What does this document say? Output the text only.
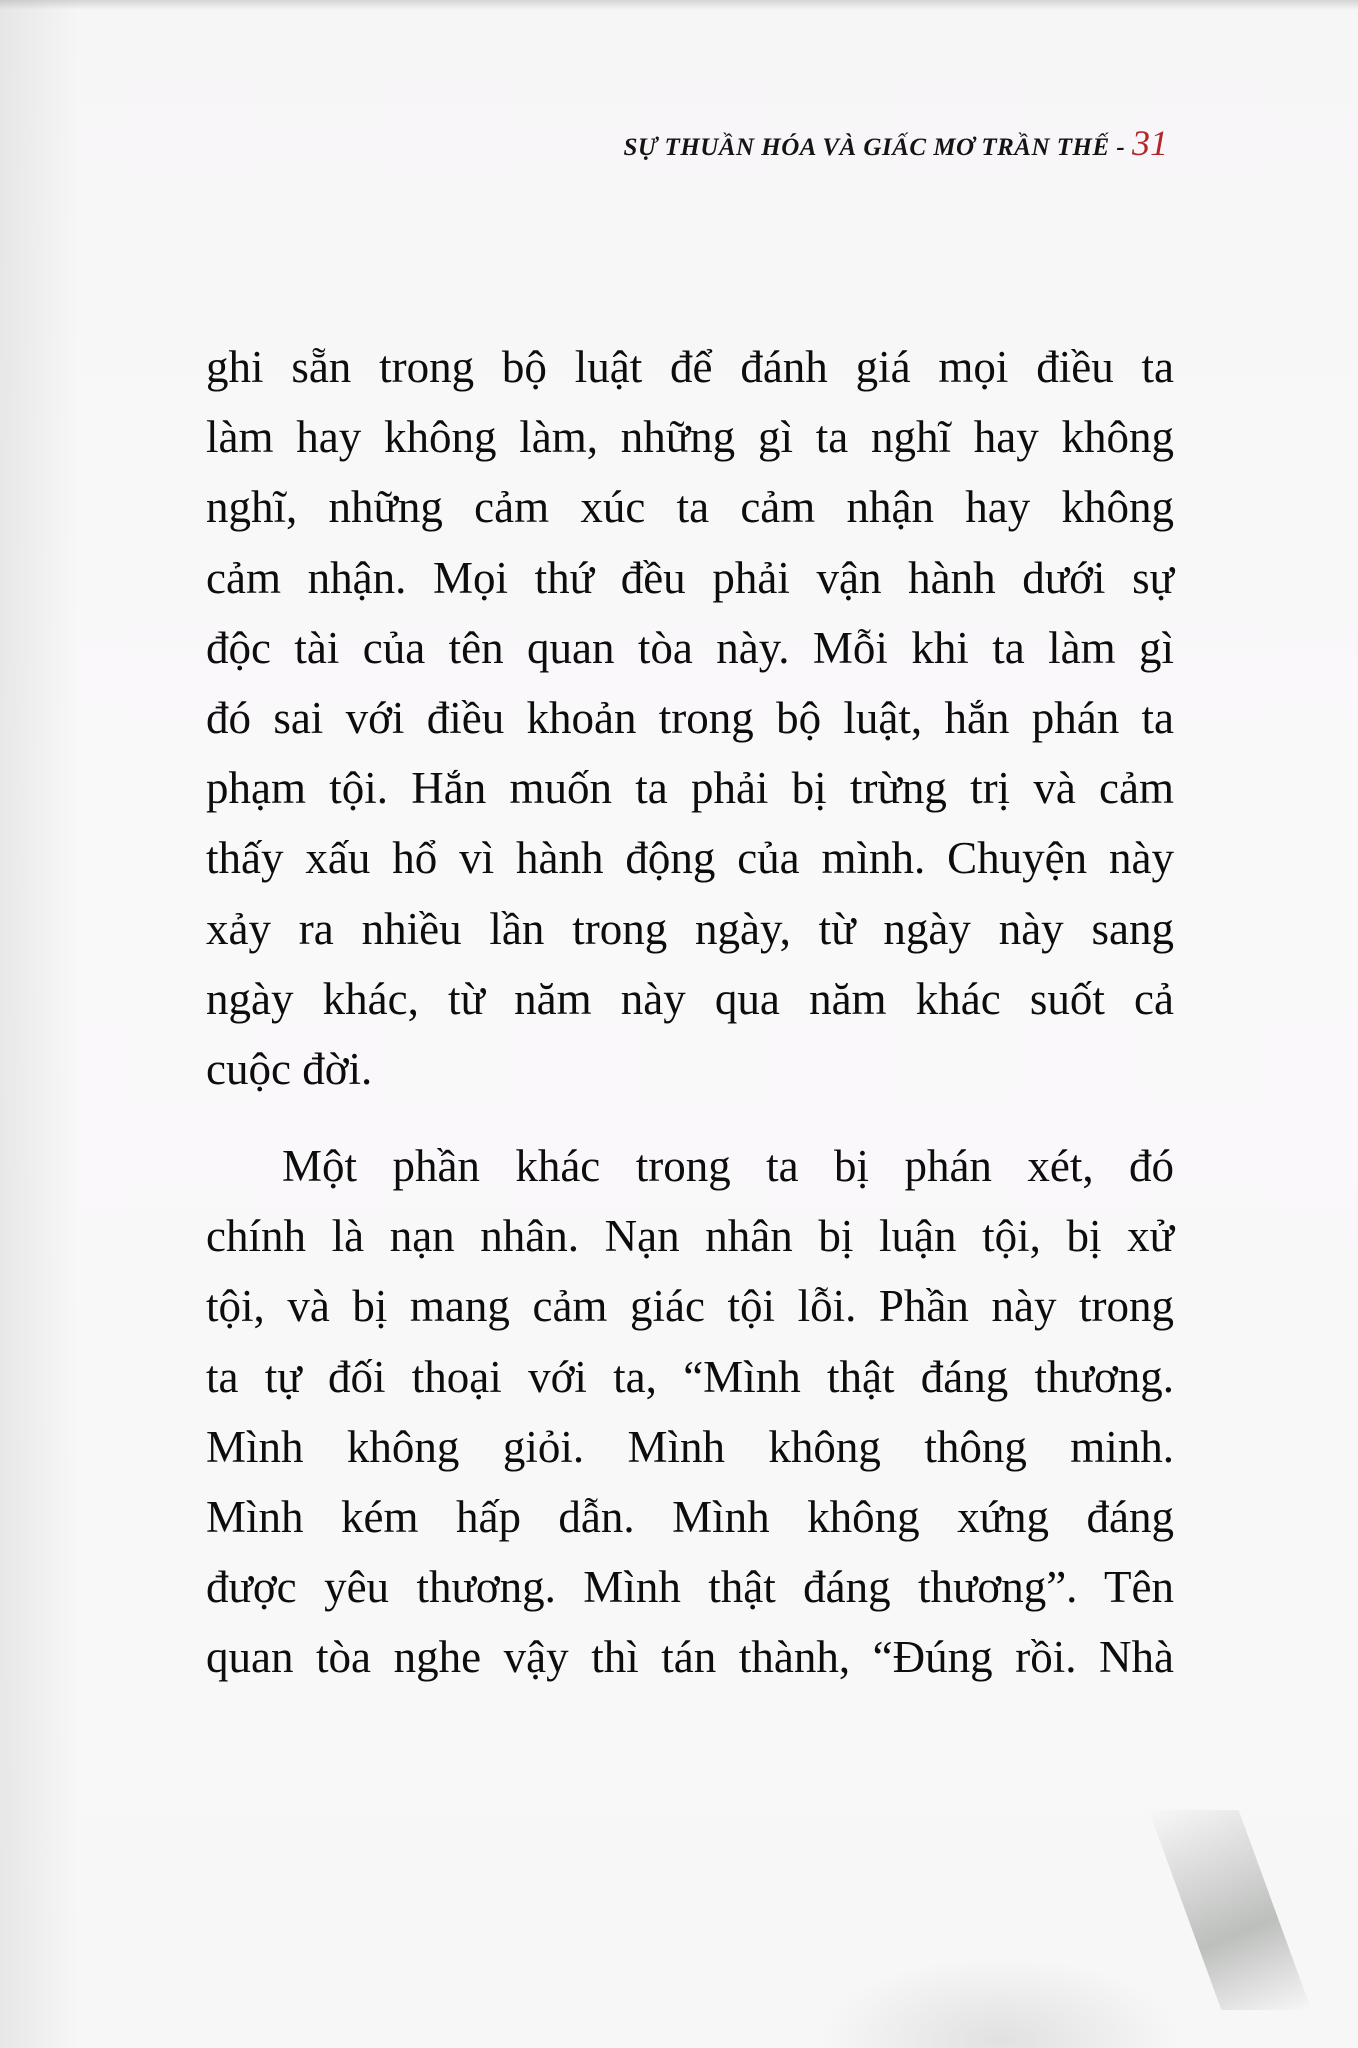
SỰ THUẦN HÓA VÀ GIẤC MƠ TRẦN THẾ - 31
ghi sẵn trong bộ luật để đánh giá mọi điều ta
làm hay không làm, những gì ta nghĩ hay không
nghĩ, những cảm xúc ta cảm nhận hay không
cảm nhận. Mọi thứ đều phải vận hành dưới sự
độc tài của tên quan tòa này. Mỗi khi ta làm gì
đó sai với điều khoản trong bộ luật, hắn phán ta
phạm tội. Hắn muốn ta phải bị trừng trị và cảm
thấy xấu hổ vì hành động của mình. Chuyện này
xảy ra nhiều lần trong ngày, từ ngày này sang
ngày khác, từ năm này qua năm khác suốt cả
cuộc đời.
Một phần khác trong ta bị phán xét, đó
chính là nạn nhân. Nạn nhân bị luận tội, bị xử
tội, và bị mang cảm giác tội lỗi. Phần này trong
ta tự đối thoại với ta, “Mình thật đáng thương.
Mình không giỏi. Mình không thông minh.
Mình kém hấp dẫn. Mình không xứng đáng
được yêu thương. Mình thật đáng thương”. Tên
quan tòa nghe vậy thì tán thành, “Đúng rồi. Nhà
